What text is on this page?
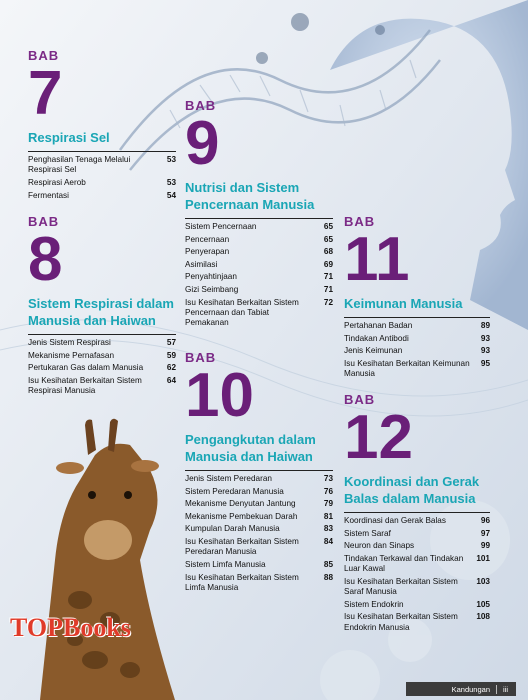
BAB
7
Respirasi Sel
Penghasilan Tenaga Melalui Respirasi Sel
53
Respirasi Aerob	53
Fermentasi	54
BAB
8
Sistem Respirasi dalam Manusia dan Haiwan
Jenis Sistem Respirasi	57
Mekanisme Pernafasan	59
Pertukaran Gas dalam Manusia	62
Isu Kesihatan Berkaitan Sistem Respirasi Manusia
64
BAB
9
Nutrisi dan Sistem Pencernaan Manusia
Sistem Pencernaan	65
Pencernaan	65
Penyerapan	68
Asimilasi	69
Penyahtinjaan	71
Gizi Seimbang	71
Isu Kesihatan Berkaitan Sistem Pencernaan dan Tabiat Pemakanan
72
BAB
10
Pengangkutan dalam Manusia dan Haiwan
Jenis Sistem Peredaran	73
Sistem Peredaran Manusia	76
Mekanisme Denyutan Jantung	79
Mekanisme Pembekuan Darah	81
Kumpulan Darah Manusia	83
Isu Kesihatan Berkaitan Sistem Peredaran Manusia
84
Sistem Limfa Manusia	85
Isu Kesihatan Berkaitan Sistem Limfa Manusia
88
BAB
11
Keimunan Manusia
Pertahanan Badan	89
Tindakan Antibodi	93
Jenis Keimunan	93
Isu Kesihatan Berkaitan Keimunan Manusia
95
BAB
12
Koordinasi dan Gerak Balas dalam Manusia
Koordinasi dan Gerak Balas	96
Sistem Saraf	97
Neuron dan Sinaps	99
Tindakan Terkawal dan Tindakan Luar Kawal
101
Isu Kesihatan Berkaitan Sistem Saraf Manusia
103
Sistem Endokrin	105
Isu Kesihatan Berkaitan Sistem Endokrin Manusia
108
TOPBooks
Kandungan iii
